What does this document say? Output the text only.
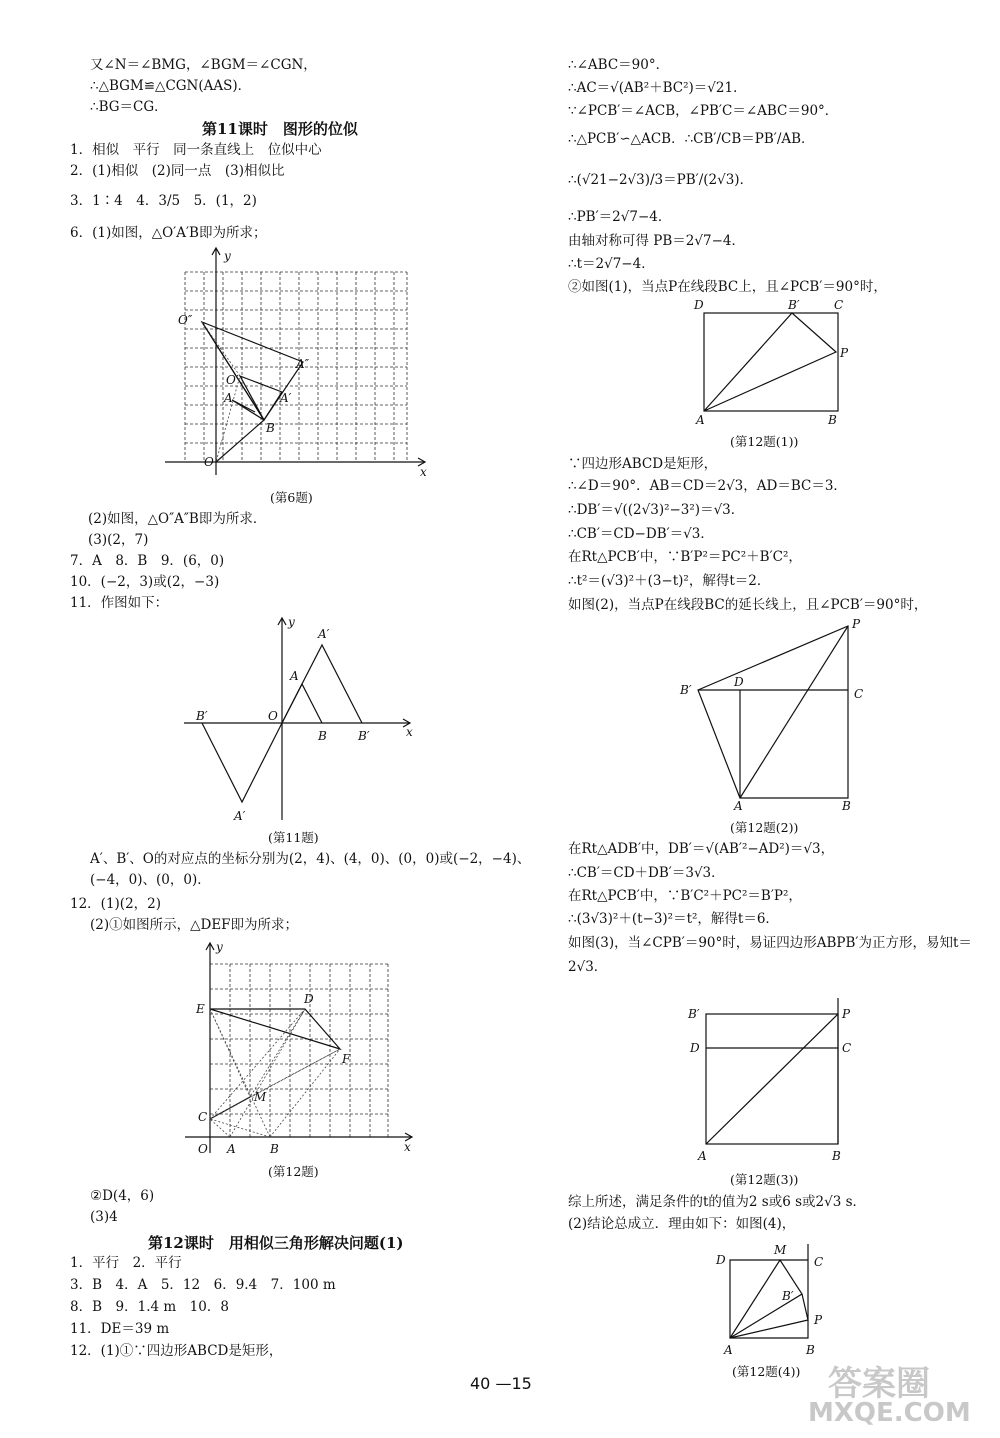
又∠N＝∠BMG，∠BGM＝∠CGN，
∴△BGM≌△CGN(AAS)．
∴BG＝CG．
第11课时　图形的位似
1．相似　平行　同一条直线上　位似中心
2．(1)相似　(2)同一点　(3)相似比
3．1∶4　4．3/5　5．(1，2)
6．(1)如图，△O′A′B即为所求；
y
x
O
O′
O″
A″
A′
A
B
(第6题)
(2)如图，△O″A″B即为所求．
(3)(2，7)
7．A　8．B　9．(6，0)
10．(−2，3)或(2，−3)
11．作图如下：
y
x
O
A′
A
B′
B	B′
A′
(第11题)
A′、B′、O的对应点的坐标分别为(2，4)、(4，0)、(0，0)或(−2，−4)、
(−4，0)、(0，0)．
12．(1)(2，2)
(2)①如图所示，△DEF即为所求；
y
x
O A	B
C
E
D
F
M
(第12题)
②D(4，6)
(3)4
第12课时　用相似三角形解决问题(1)
1．平行　2．平行
3．B　4．A　5．12　6．9.4　7．100 m
8．B　9．1.4 m　10．8
11．DE＝39 m
12．(1)①∵四边形ABCD是矩形，
∴∠ABC＝90°．
∴AC＝√(AB²＋BC²)＝√21．
∵∠PCB′＝∠ACB，∠PB′C＝∠ABC＝90°．
∴△PCB′∽△ACB．∴CB′/CB＝PB′/AB．
∴(√21−2√3)/3＝PB′/(2√3)．
∴PB′＝2√7−4．
由轴对称可得 PB＝2√7−4．
∴t＝2√7−4．
②如图(1)，当点P在线段BC上，且∠PCB′＝90°时，
D	B′	C
P
A	B
(第12题(1))
∵四边形ABCD是矩形，
∴∠D＝90°．AB＝CD＝2√3，AD＝BC＝3．
∴DB′＝√((2√3)²−3²)＝√3．
∴CB′＝CD−DB′＝√3．
在Rt△PCB′中，∵B′P²＝PC²＋B′C²，
∴t²＝(√3)²＋(3−t)²，解得t＝2．
如图(2)，当点P在线段BC的延长线上，且∠PCB′＝90°时，
P
B′
D
C
A	B
(第12题(2))
在Rt△ADB′中，DB′＝√(AB′²−AD²)＝√3，
∴CB′＝CD＋DB′＝3√3．
在Rt△PCB′中，∵B′C²＋PC²＝B′P²，
∴(3√3)²＋(t−3)²＝t²，解得t＝6．
如图(3)，当∠CPB′＝90°时，易证四边形ABPB′为正方形，易知t＝
2√3．
B′	P
D	C
A	B
(第12题(3))
综上所述，满足条件的t的值为2 s或6 s或2√3 s．
(2)结论总成立．理由如下：如图(4)，
D
M
C
B′
P
A	B
(第12题(4))
40 —15	答案圈
MXQE.COM
